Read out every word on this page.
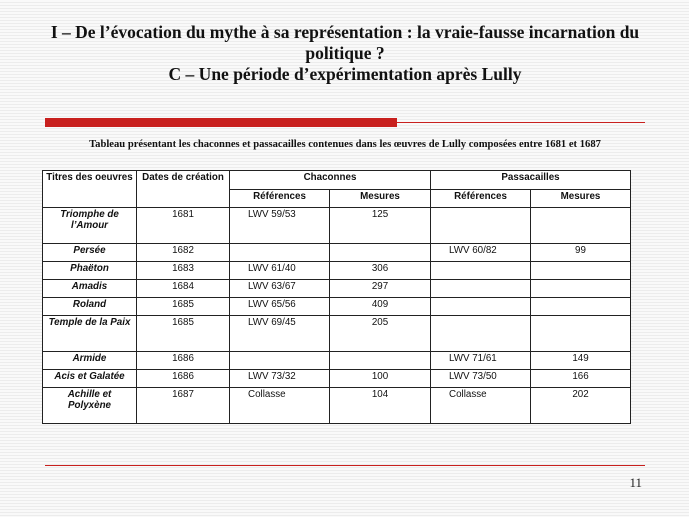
I – De l’évocation du mythe à sa représentation : la vraie-fausse incarnation du
politique ?
C – Une période d’expérimentation après Lully
Tableau présentant les chaconnes et passacailles contenues dans les œuvres de Lully composées entre 1681 et 1687
Titres des oeuvres	Dates de création	Chaconnes		Passacailles	
		Références	Mesures	Références	Mesures
Triomphe de l’Amour	1681	LWV 59/53	125		
Persée	1682			LWV 60/82	99
Phaëton	1683	LWV 61/40	306		
Amadis	1684	LWV 63/67	297		
Roland	1685	LWV 65/56	409		
Temple de la Paix	1685	LWV 69/45	205		
Armide	1686			LWV 71/61	149
Acis et Galatée	1686	LWV 73/32	100	LWV 73/50	166
Achille et Polyxène	1687	Collasse	104	Collasse	202
11
